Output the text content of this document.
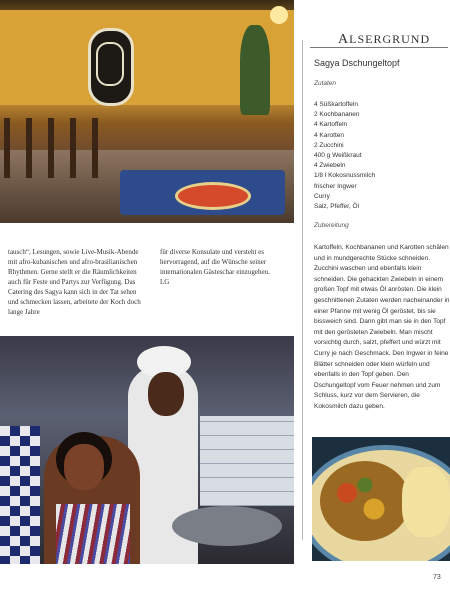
tausch“, Lesungen, sowie Live-Musik-Abende mit afro-kubanischen und afro-brasilianischen Rhythmen. Gerne stellt er die Räumlichkeiten auch für Feste und Partys zur Verfügung. Das Catering des Sagya kann sich in der Tat sehen und schmecken lassen, arbeitete der Koch doch lange Jahre

für diverse Konsulate und versteht es hervorragend, auf die Wünsche seiner internationalen Gästeschar einzugehen.
LG

ALSERGRUND
Sagya Dschungeltopf

Zutaten

4 Süßkartoffeln
2 Kochbananen
4 Kartoffeln
4 Karotten
2 Zucchini
400 g Weißkraut
4 Zwiebeln
1/8 l Kokosnussmilch
frischer Ingwer
Curry
Salz, Pfeffer, Öl

Zubereitung

Kartoffeln, Kochbananen und Karotten schälen und in mundgerechte Stücke schneiden. Zucchini waschen und ebenfalls klein schneiden. Die gehackten Zwiebeln in einem großen Topf mit etwas Öl anrösten. Die klein geschnittenen Zutaten werden nacheinander in einer Pfanne mit wenig Öl geröstet, bis sie bissweich sind. Dann gibt man sie in den Topf mit den gerösteten Zwiebeln. Man mischt vorsichtig durch, salzt, pfeffert und würzt mit Curry je nach Geschmack. Den Ingwer in feine Blätter schneiden oder klein würfeln und ebenfalls in den Topf geben. Den Dschungeltopf vom Feuer nehmen und zum Schluss, kurz vor dem Servieren, die Kokosmilch dazu geben.

73
